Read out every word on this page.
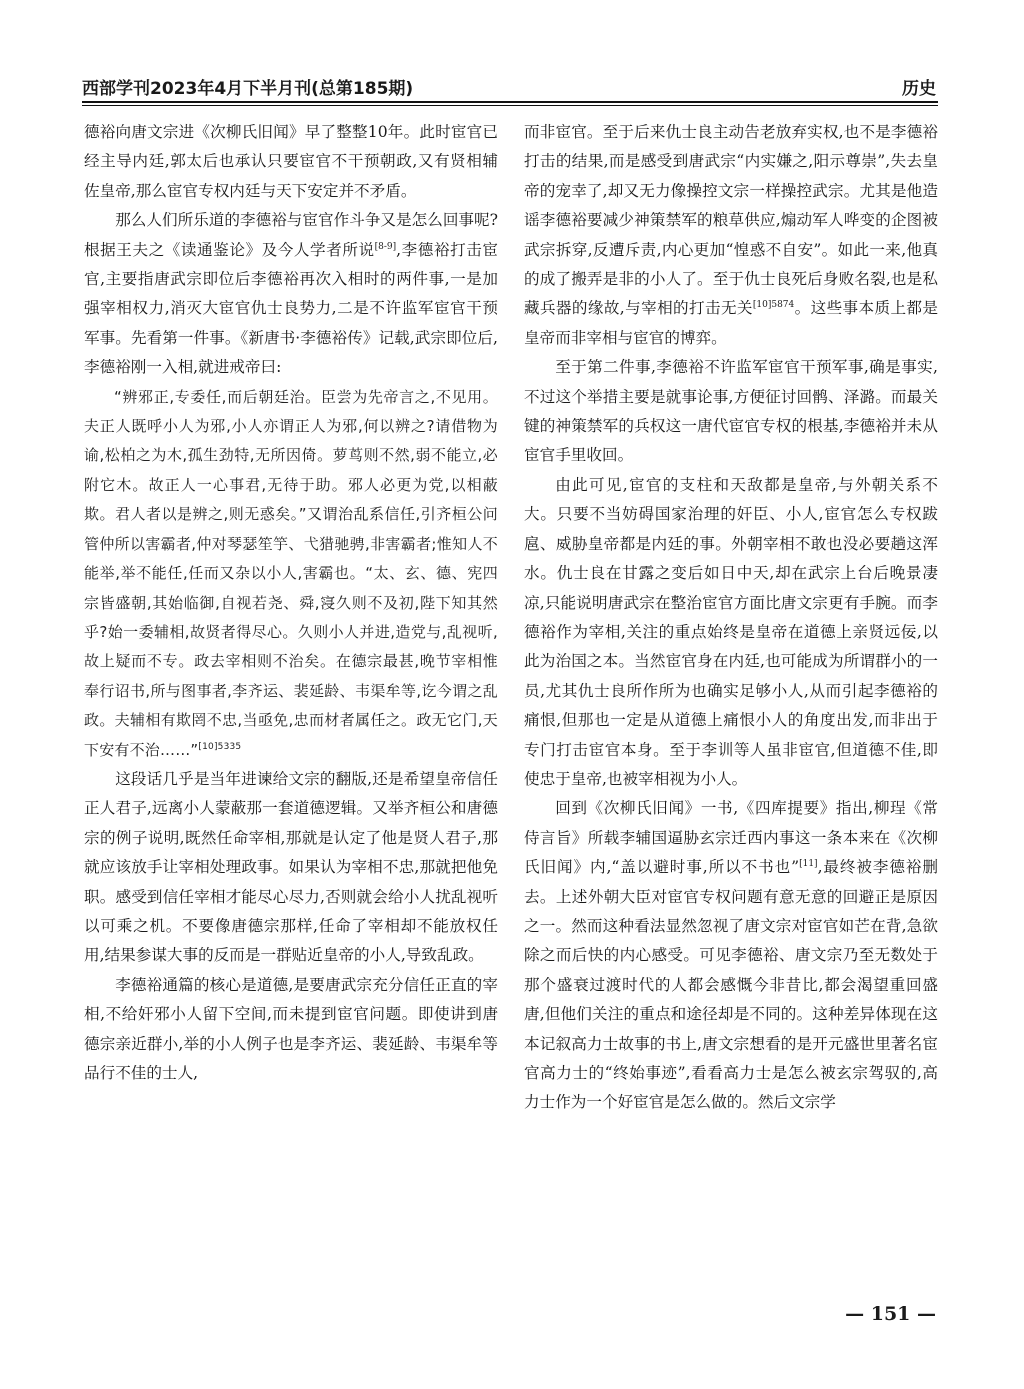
西部学刊2023年4月下半月刊(总第185期)	历史

德裕向唐文宗进《次柳氏旧闻》早了整整10年。此时宦官已经主导内廷,郭太后也承认只要宦官不干预朝政,又有贤相辅佐皇帝,那么宦官专权内廷与天下安定并不矛盾。

那么人们所乐道的李德裕与宦官作斗争又是怎么回事呢?根据王夫之《读通鉴论》及今人学者所说[8-9],李德裕打击宦官,主要指唐武宗即位后李德裕再次入相时的两件事,一是加强宰相权力,消灭大宦官仇士良势力,二是不许监军宦官干预军事。先看第一件事。《新唐书·李德裕传》记载,武宗即位后,李德裕刚一入相,就进戒帝曰:

“辨邪正,专委任,而后朝廷治。臣尝为先帝言之,不见用。夫正人既呼小人为邪,小人亦谓正人为邪,何以辨之?请借物为谕,松柏之为木,孤生劲特,无所因倚。萝茑则不然,弱不能立,必附它木。故正人一心事君,无待于助。邪人必更为党,以相蔽欺。君人者以是辨之,则无惑矣。”又谓治乱系信任,引齐桓公问管仲所以害霸者,仲对琴瑟笙竽、弋猎驰骋,非害霸者;惟知人不能举,举不能任,任而又杂以小人,害霸也。“太、玄、德、宪四宗皆盛朝,其始临御,自视若尧、舜,寖久则不及初,陛下知其然乎?始一委辅相,故贤者得尽心。久则小人并进,造党与,乱视听,故上疑而不专。政去宰相则不治矣。在德宗最甚,晚节宰相惟奉行诏书,所与图事者,李齐运、裴延龄、韦渠牟等,讫今谓之乱政。夫辅相有欺罔不忠,当亟免,忠而材者属任之。政无它门,天下安有不治……”$^{[10]5335}$

这段话几乎是当年进谏给文宗的翻版,还是希望皇帝信任正人君子,远离小人蒙蔽那一套道德逻辑。又举齐桓公和唐德宗的例子说明,既然任命宰相,那就是认定了他是贤人君子,那就应该放手让宰相处理政事。如果认为宰相不忠,那就把他免职。感受到信任宰相才能尽心尽力,否则就会给小人扰乱视听以可乘之机。不要像唐德宗那样,任命了宰相却不能放权任用,结果参谋大事的反而是一群贴近皇帝的小人,导致乱政。

李德裕通篇的核心是道德,是要唐武宗充分信任正直的宰相,不给奸邪小人留下空间,而未提到宦官问题。即使讲到唐德宗亲近群小,举的小人例子也是李齐运、裴延龄、韦渠牟等品行不佳的士人,

而非宦官。至于后来仇士良主动告老放弃实权,也不是李德裕打击的结果,而是感受到唐武宗“内实嫌之,阳示尊崇”,失去皇帝的宠幸了,却又无力像操控文宗一样操控武宗。尤其是他造谣李德裕要减少神策禁军的粮草供应,煽动军人哗变的企图被武宗拆穿,反遭斥责,内心更加“惶惑不自安”。如此一来,他真的成了搬弄是非的小人了。至于仇士良死后身败名裂,也是私藏兵器的缘故,与宰相的打击无关$^{[10]5874}$。这些事本质上都是皇帝而非宰相与宦官的博弈。

至于第二件事,李德裕不许监军宦官干预军事,确是事实,不过这个举措主要是就事论事,方便征讨回鹘、泽潞。而最关键的神策禁军的兵权这一唐代宦官专权的根基,李德裕并未从宦官手里收回。

由此可见,宦官的支柱和天敌都是皇帝,与外朝关系不大。只要不当妨碍国家治理的奸臣、小人,宦官怎么专权跋扈、威胁皇帝都是内廷的事。外朝宰相不敢也没必要趟这浑水。仇士良在甘露之变后如日中天,却在武宗上台后晚景凄凉,只能说明唐武宗在整治宦官方面比唐文宗更有手腕。而李德裕作为宰相,关注的重点始终是皇帝在道德上亲贤远佞,以此为治国之本。当然宦官身在内廷,也可能成为所谓群小的一员,尤其仇士良所作所为也确实足够小人,从而引起李德裕的痛恨,但那也一定是从道德上痛恨小人的角度出发,而非出于专门打击宦官本身。至于李训等人虽非宦官,但道德不佳,即使忠于皇帝,也被宰相视为小人。

回到《次柳氏旧闻》一书,《四库提要》指出,柳珵《常侍言旨》所载李辅国逼胁玄宗迁西内事这一条本来在《次柳氏旧闻》内,“盖以避时事,所以不书也”[11],最终被李德裕删去。上述外朝大臣对宦官专权问题有意无意的回避正是原因之一。然而这种看法显然忽视了唐文宗对宦官如芒在背,急欲除之而后快的内心感受。可见李德裕、唐文宗乃至无数处于那个盛衰过渡时代的人都会感慨今非昔比,都会渴望重回盛唐,但他们关注的重点和途径却是不同的。这种差异体现在这本记叙高力士故事的书上,唐文宗想看的是开元盛世里著名宦官高力士的“终始事迹”,看看高力士是怎么被玄宗驾驭的,高力士作为一个好宦官是怎么做的。然后文宗学

— 151 —
